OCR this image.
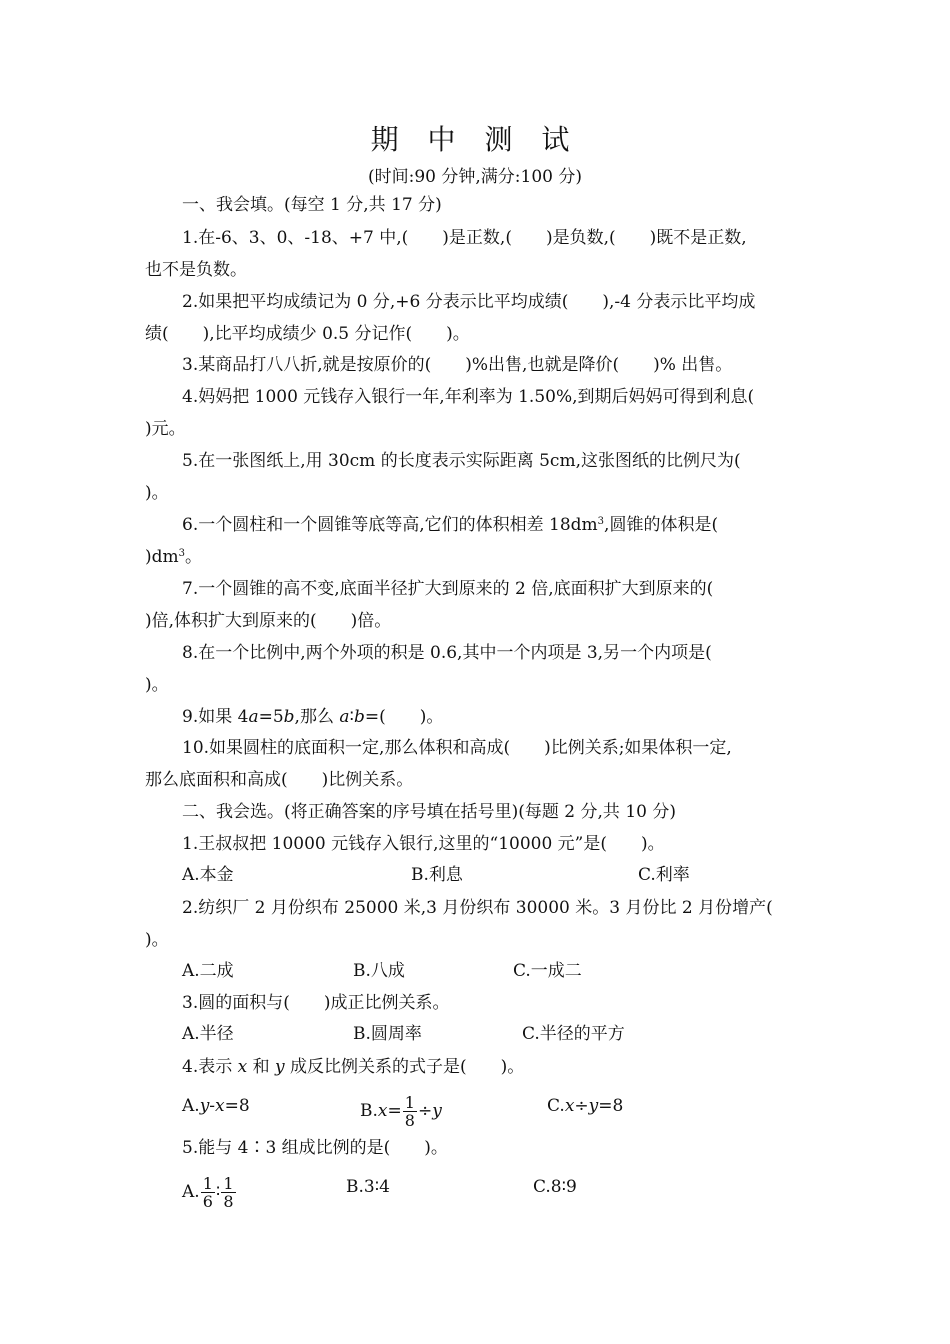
期 中 测 试
(时间:90 分钟,满分:100 分)
一、我会填。(每空 1 分,共 17 分)
1.在-6、3、0、-18、+7 中,(　　)是正数,(　　)是负数,(　　)既不是正数,
也不是负数。
2.如果把平均成绩记为 0 分,+6 分表示比平均成绩(　　),-4 分表示比平均成
绩(　　),比平均成绩少 0.5 分记作(　　)。
3.某商品打八八折,就是按原价的(　　)%出售,也就是降价(　　)% 出售。
4.妈妈把 1000 元钱存入银行一年,年利率为 1.50%,到期后妈妈可得到利息(
)元。
5.在一张图纸上,用 30cm 的长度表示实际距离 5cm,这张图纸的比例尺为(
)。
6.一个圆柱和一个圆锥等底等高,它们的体积相差 $18dm^3$,圆锥的体积是(
)$dm^3$。
7.一个圆锥的高不变,底面半径扩大到原来的 2 倍,底面积扩大到原来的(
)倍,体积扩大到原来的(　　)倍。
8.在一个比例中,两个外项的积是 0.6,其中一个内项是 3,另一个内项是(
)。
9.如果 4a=5b,那么 a∶b=(　　)。
10.如果圆柱的底面积一定,那么体积和高成(　　)比例关系;如果体积一定,
那么底面积和高成(　　)比例关系。
二、我会选。(将正确答案的序号填在括号里)(每题 2 分,共 10 分)
1.王叔叔把 10000 元钱存入银行,这里的“10000 元”是(　　)。
A.本金	B.利息	C.利率
2.纺织厂 2 月份织布 25000 米,3 月份织布 30000 米。3 月份比 2 月份增产(
)。
A.二成	B.八成	C.一成二
3.圆的面积与(　　)成正比例关系。
A.半径	B.圆周率	C.半径的平方
4.表示 x 和 y 成反比例关系的式子是(　　)。
A.y-x=8	$B.x= \frac{1}{8} \div y$	C.x÷y=8
5.能与 4∶3 组成比例的是(　　)。
A. $\frac{1}{6}$ ∶ $\frac{1}{8}$	B.3∶4	C.8∶9
